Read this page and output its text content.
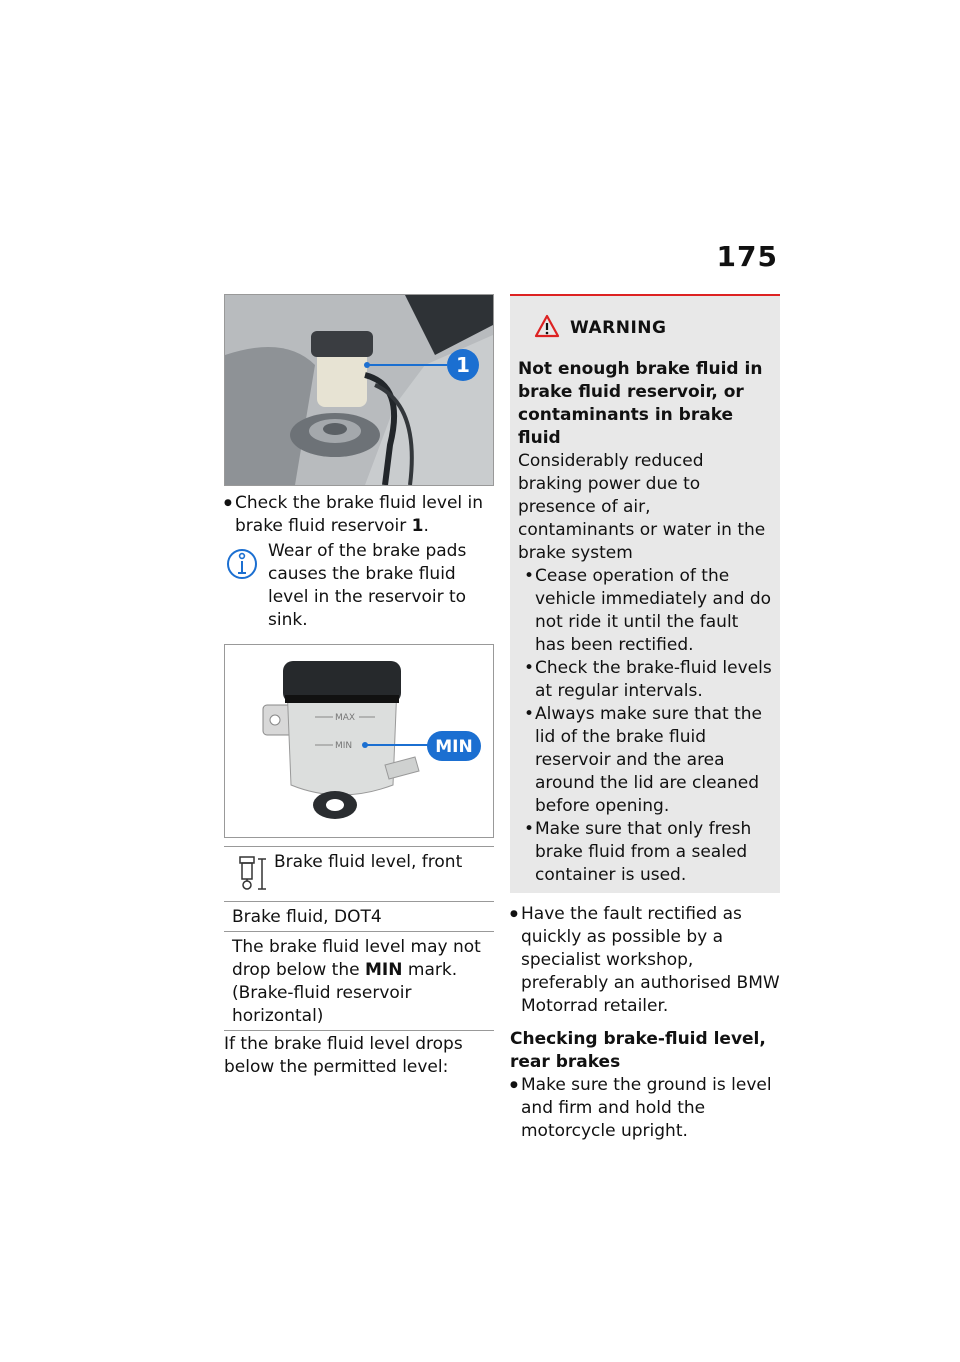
175
1
● Check the brake fluid level in brake fluid reservoir 1.
Wear of the brake pads causes the brake fluid level in the reservoir to sink.
MAX
MIN	MIN
Brake fluid level, front
Brake fluid, DOT4
The brake fluid level may not drop below the MIN mark. (Brake-fluid reservoir horizontal)

If the brake fluid level drops below the permitted level:

WARNING

Not enough brake fluid in brake fluid reservoir, or contaminants in brake fluid

Considerably reduced braking power due to presence of air, contaminants or water in the brake system

• Cease operation of the vehicle immediately and do not ride it until the fault has been rectified.
• Check the brake-fluid levels at regular intervals.
• Always make sure that the lid of the brake fluid reservoir and the area around the lid are cleaned before opening.
• Make sure that only fresh brake fluid from a sealed container is used.
● Have the fault rectified as quickly as possible by a specialist workshop, preferably an authorised BMW Motorrad retailer.
Checking brake-fluid level, rear brakes
● Make sure the ground is level and firm and hold the motorcycle upright.
